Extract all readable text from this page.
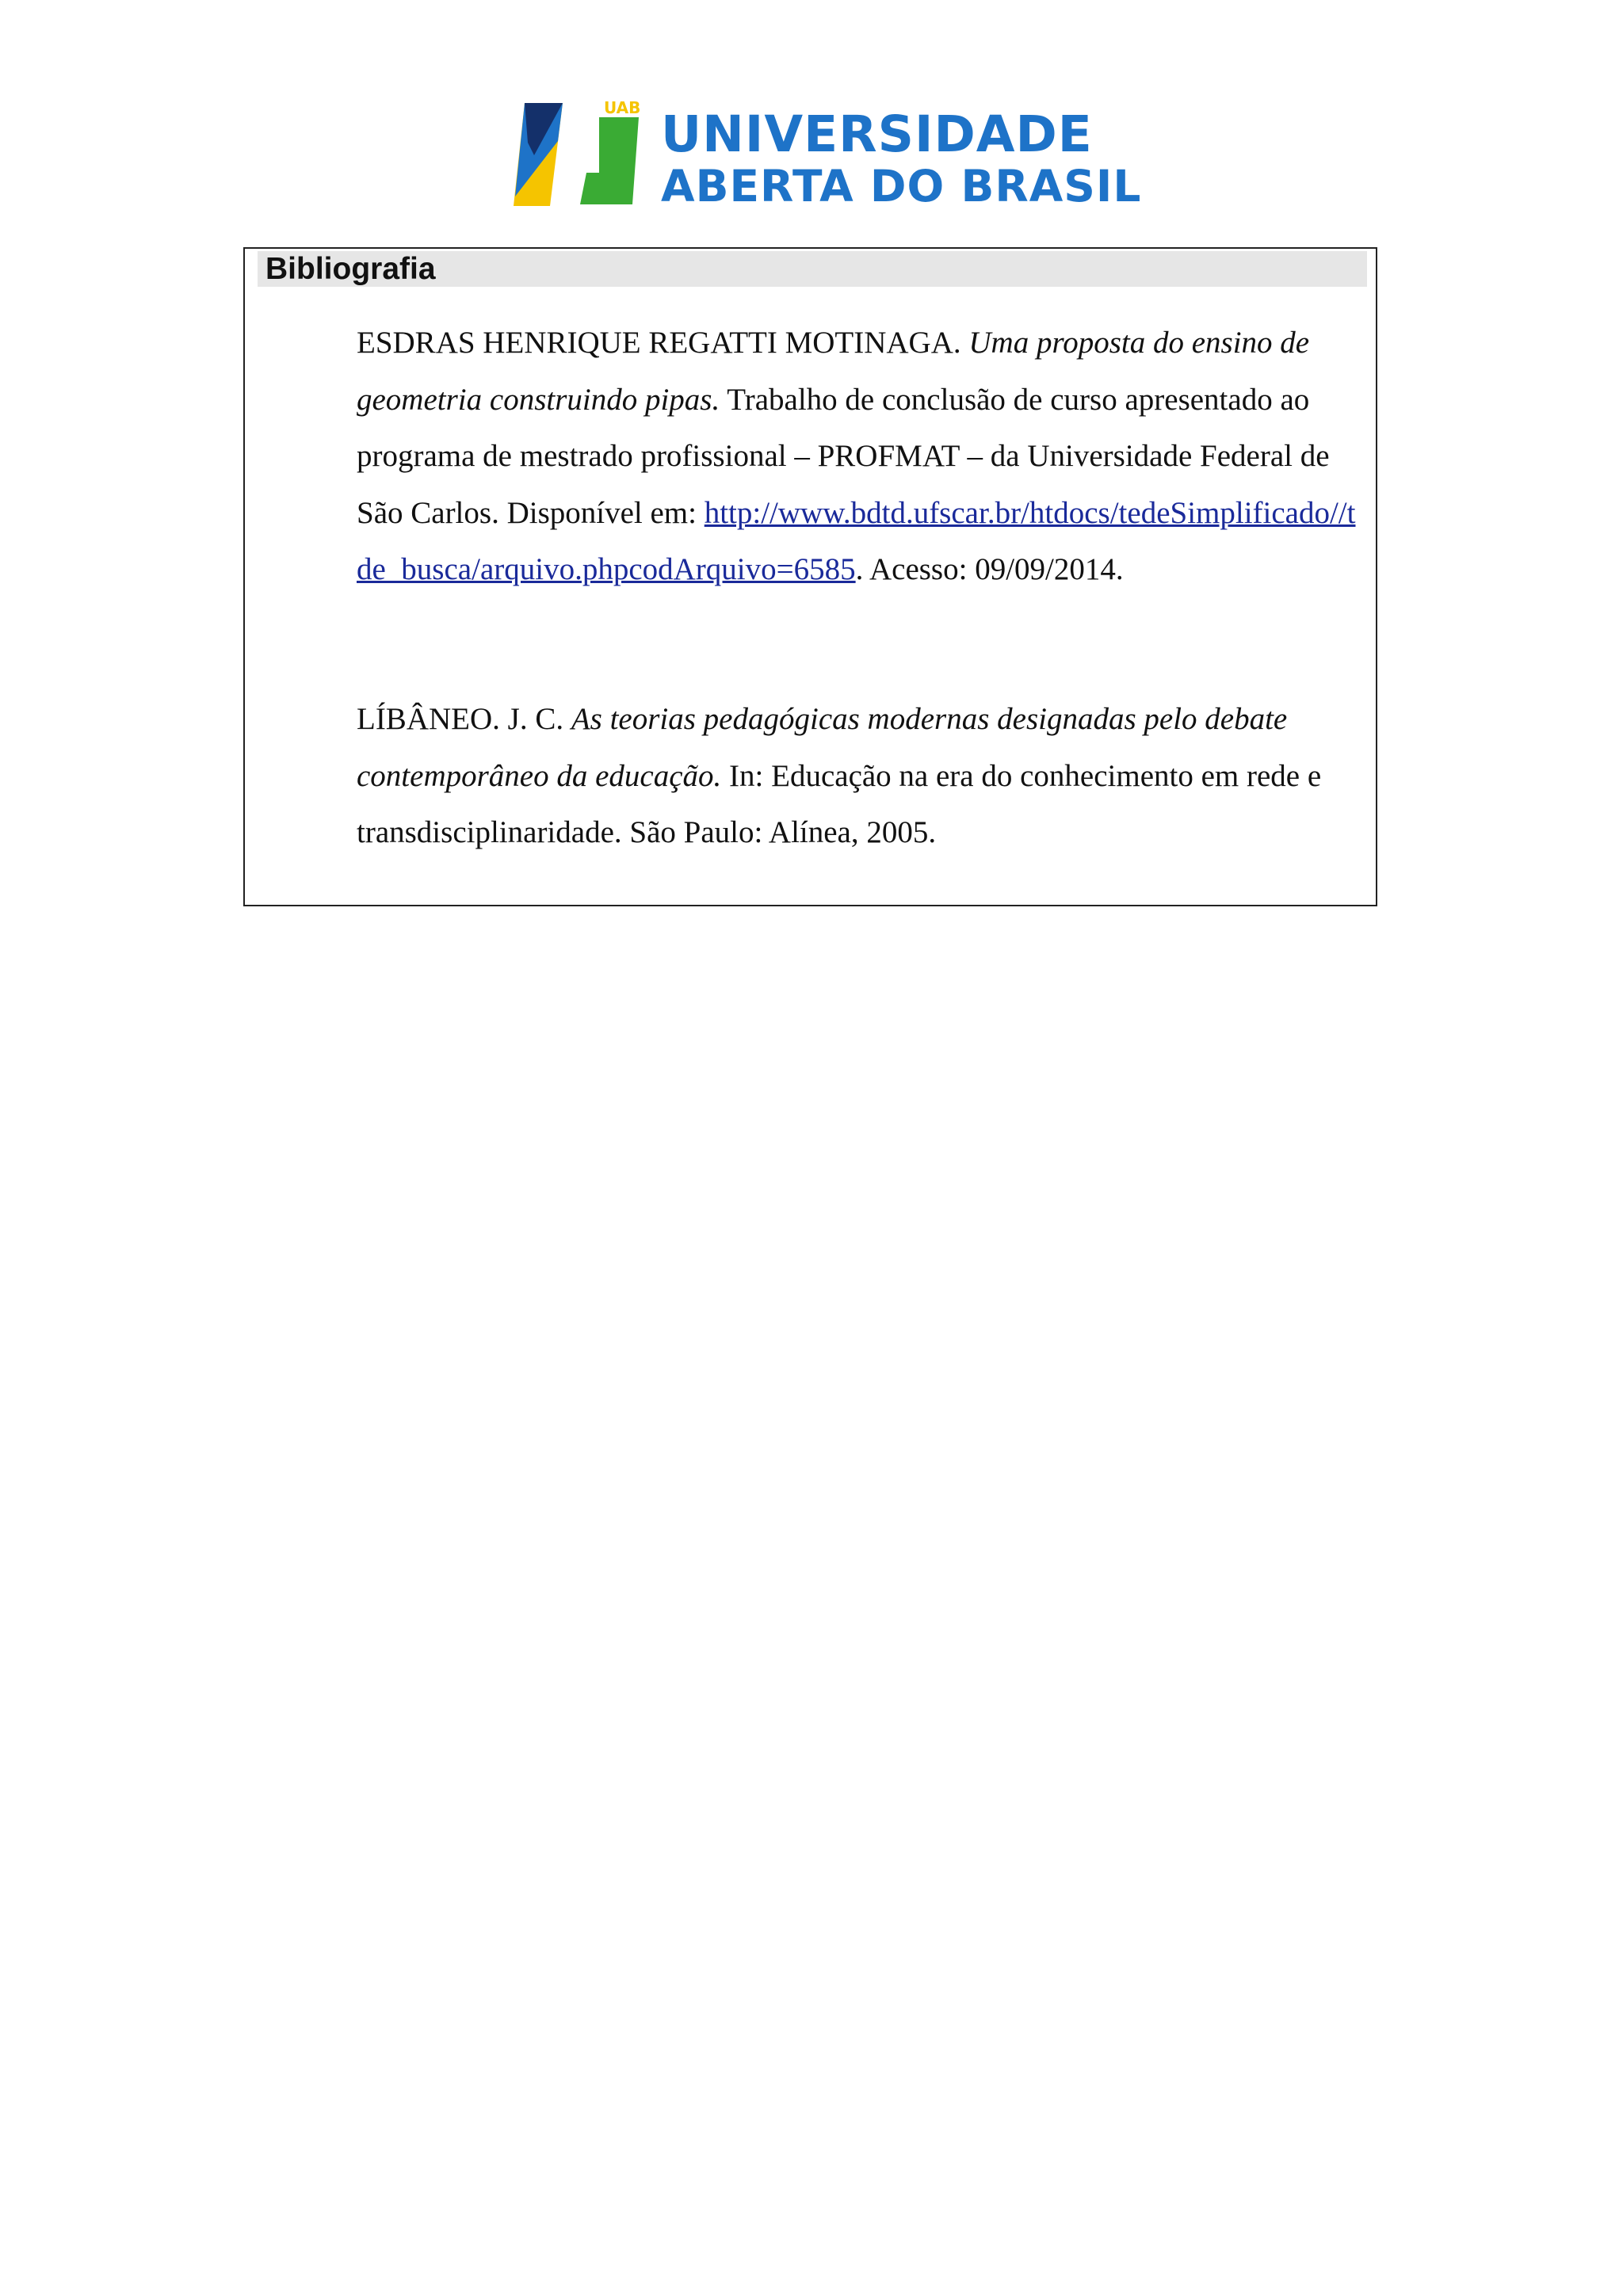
UAB UNIVERSIDADE
ABERTA DO BRASIL
Bibliografia
ESDRAS HENRIQUE REGATTI MOTINAGA. Uma proposta do ensino de geometria construindo pipas. Trabalho de conclusão de curso apresentado ao programa de mestrado profissional – PROFMAT – da Universidade Federal de São Carlos. Disponível em: http://www.bdtd.ufscar.br/htdocs/tedeSimplificado//tde_busca/arquivo.phpcodArquivo=6585. Acesso: 09/09/2014.
LÍBÂNEO. J. C. As teorias pedagógicas modernas designadas pelo debate contemporâneo da educação. In: Educação na era do conhecimento em rede e transdisciplinaridade. São Paulo: Alínea, 2005.
